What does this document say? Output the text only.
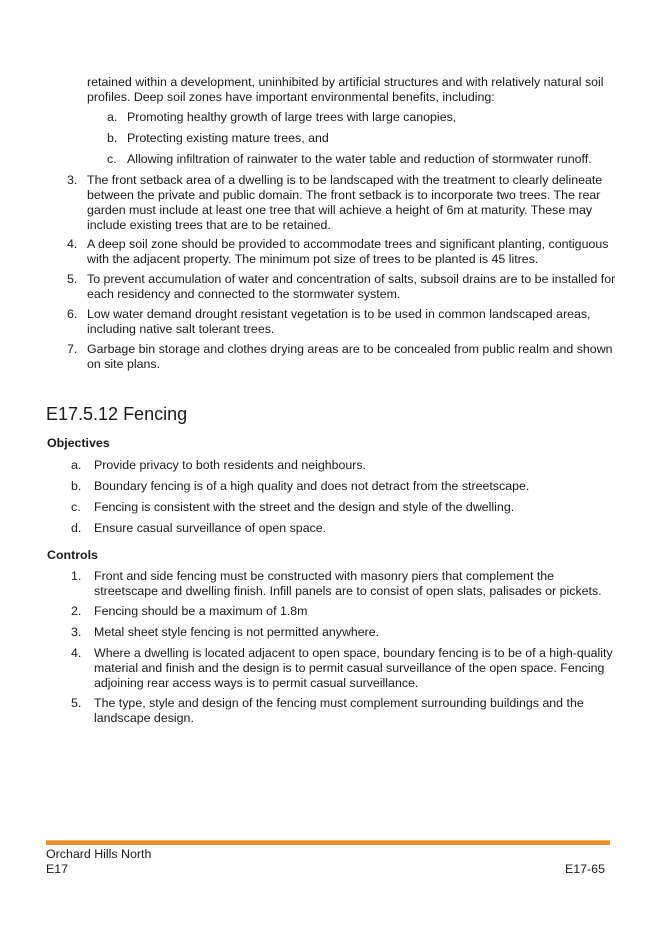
retained within a development, uninhibited by artificial structures and with relatively natural soil
profiles. Deep soil zones have important environmental benefits, including:
a. Promoting healthy growth of large trees with large canopies,
b. Protecting existing mature trees, and
c. Allowing infiltration of rainwater to the water table and reduction of stormwater runoff.
3. The front setback area of a dwelling is to be landscaped with the treatment to clearly delineate
between the private and public domain. The front setback is to incorporate two trees. The rear
garden must include at least one tree that will achieve a height of 6m at maturity. These may
include existing trees that are to be retained.
4. A deep soil zone should be provided to accommodate trees and significant planting, contiguous
with the adjacent property. The minimum pot size of trees to be planted is 45 litres.
5. To prevent accumulation of water and concentration of salts, subsoil drains are to be installed for
each residency and connected to the stormwater system.
6. Low water demand drought resistant vegetation is to be used in common landscaped areas,
including native salt tolerant trees.
7. Garbage bin storage and clothes drying areas are to be concealed from public realm and shown
on site plans.
E17.5.12 Fencing
Objectives
a. Provide privacy to both residents and neighbours.
b. Boundary fencing is of a high quality and does not detract from the streetscape.
c. Fencing is consistent with the street and the design and style of the dwelling.
d. Ensure casual surveillance of open space.
Controls
1. Front and side fencing must be constructed with masonry piers that complement the
streetscape and dwelling finish. Infill panels are to consist of open slats, palisades or pickets.
2. Fencing should be a maximum of 1.8m
3. Metal sheet style fencing is not permitted anywhere.
4. Where a dwelling is located adjacent to open space, boundary fencing is to be of a high-quality
material and finish and the design is to permit casual surveillance of the open space. Fencing
adjoining rear access ways is to permit casual surveillance.
5. The type, style and design of the fencing must complement surrounding buildings and the
landscape design.
Orchard Hills North
E17	E17-65
